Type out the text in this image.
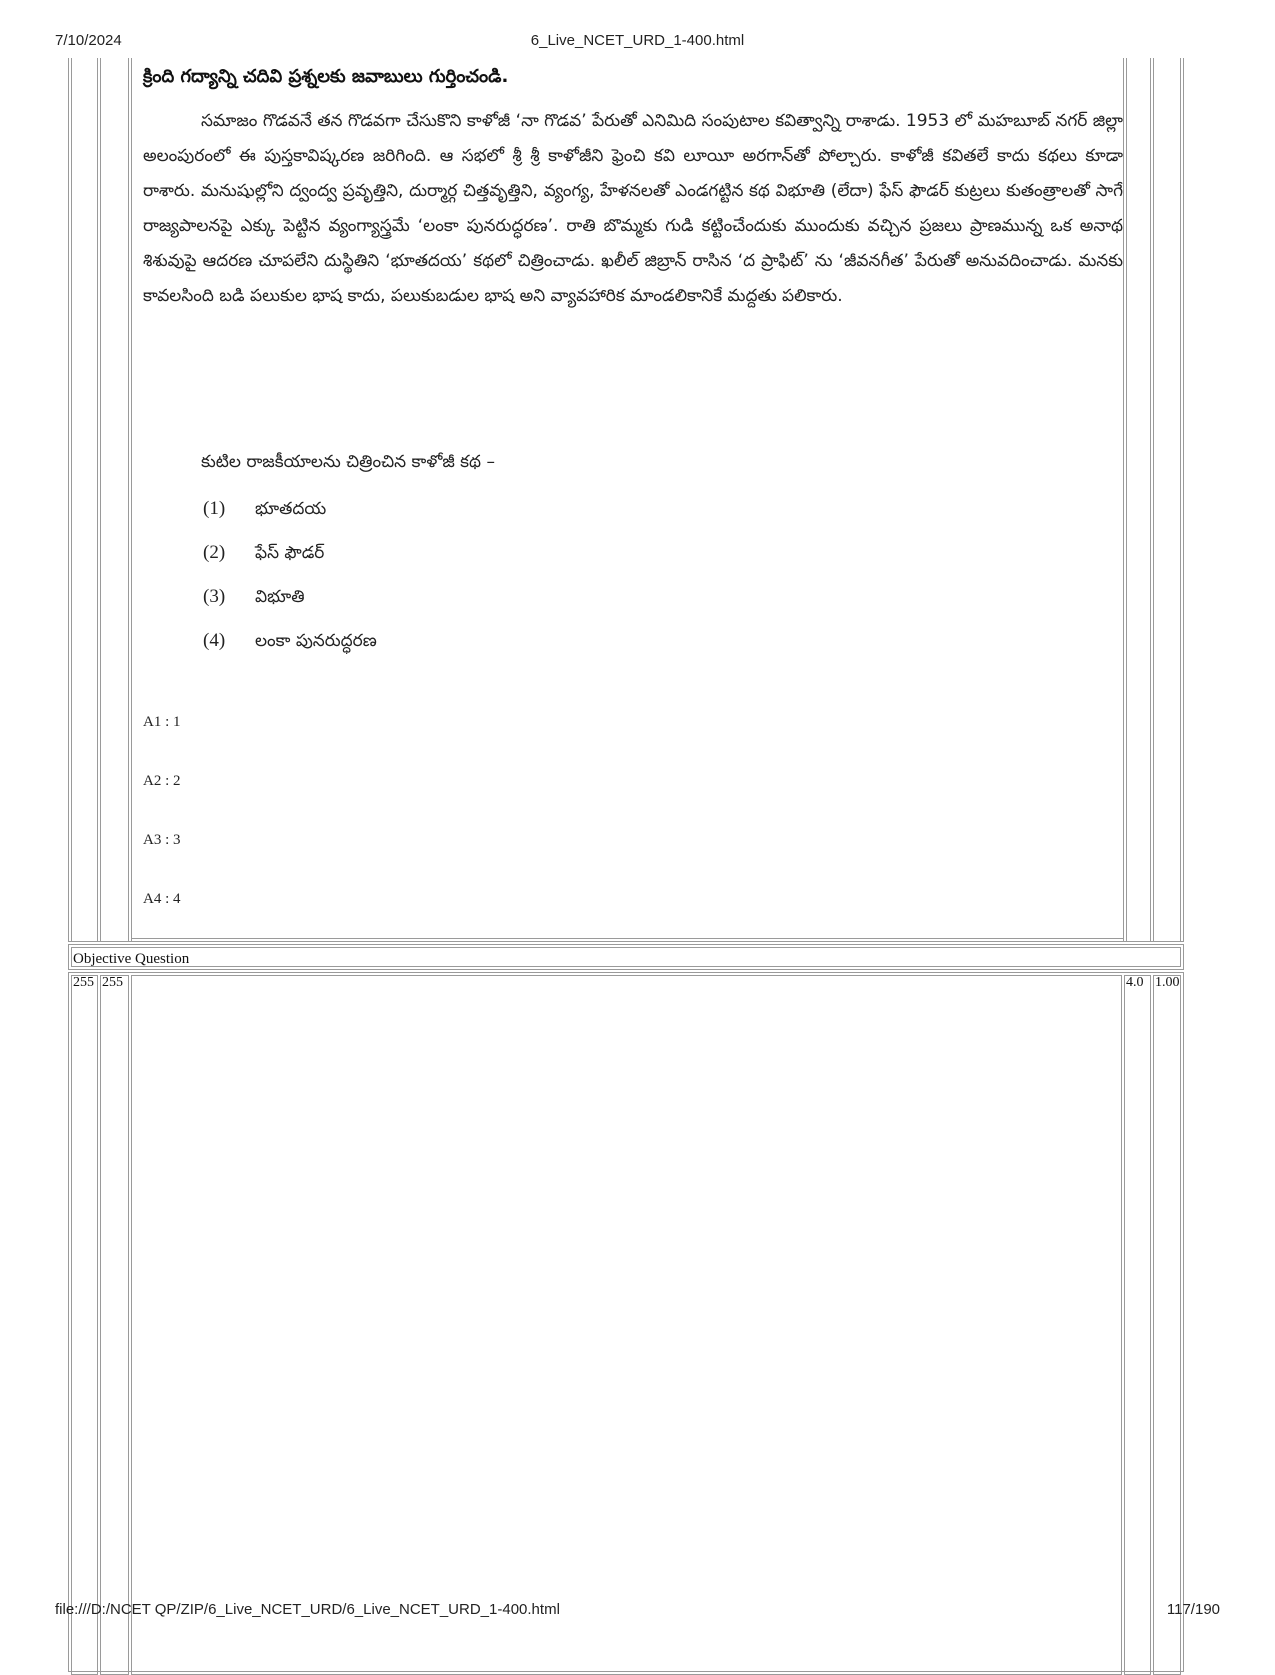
7/10/2024	6_Live_NCET_URD_1-400.html
క్రింది గద్యాన్ని చదివి ప్రశ్నలకు జవాబులు గుర్తించండి.
సమాజం గొడవనే తన గొడవగా చేసుకొని కాళోజీ ‘నా గొడవ’ పేరుతో ఎనిమిది సంపుటాల కవిత్వాన్ని రాశాడు. 1953 లో మహబూబ్ నగర్ జిల్లా అలంపురంలో ఈ పుస్తకావిష్కరణ జరిగింది. ఆ సభలో శ్రీ శ్రీ కాళోజీని ఫ్రెంచి కవి లూయీ అరగాన్‌తో పోల్చారు. కాళోజీ కవితలే కాదు కథలు కూడా రాశారు. మనుషుల్లోని ద్వంద్వ ప్రవృత్తిని, దుర్మార్గ చిత్తవృత్తిని, వ్యంగ్య, హేళనలతో ఎండగట్టిన కథ విభూతి (లేదా) ఫేస్ ఫౌడర్ కుట్రలు కుతంత్రాలతో సాగే రాజ్యపాలనపై ఎక్కు పెట్టిన వ్యంగ్యాస్త్రమే ‘లంకా పునరుద్ధరణ’. రాతి బొమ్మకు గుడి కట్టించేందుకు ముందుకు వచ్చిన ప్రజలు ప్రాణమున్న ఒక అనాథ శిశువుపై ఆదరణ చూపలేని దుస్థితిని ‘భూతదయ’ కథలో చిత్రించాడు. ఖలీల్ జిబ్రాన్ రాసిన ‘ద ప్రాఫిట్’ ను ‘జీవనగీత’ పేరుతో అనువదించాడు. మనకు కావలసింది బడి పలుకుల భాష కాదు, పలుకుబడుల భాష అని వ్యావహారిక మాండలికానికే మద్దతు పలికారు.
కుటిల రాజకీయాలను చిత్రించిన కాళోజీ కథ –
(1) భూతదయ
(2) ఫేస్ ఫౌడర్
(3) విభూతి
(4) లంకా పునరుద్ధరణ
A1 : 1
A2 : 2
A3 : 3
A4 : 4
Objective Question
255 255	4.0 1.00
file:///D:/NCET QP/ZIP/6_Live_NCET_URD/6_Live_NCET_URD_1-400.html	117/190
